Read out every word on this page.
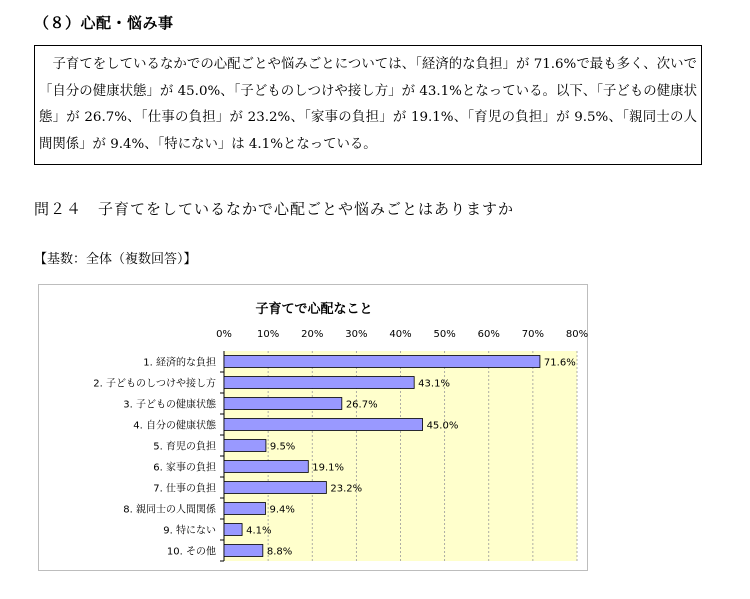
（８）心配・悩み事
　子育てをしているなかでの心配ごとや悩みごとについては、「経済的な負担」が 71.6%で最も多く、次いで「自分の健康状態」が 45.0%、「子どものしつけや接し方」が 43.1%となっている。以下、「子どもの健康状態」が 26.7%、「仕事の負担」が 23.2%、「家事の負担」が 19.1%、「育児の負担」が 9.5%、「親同士の人間関係」が 9.4%、「特にない」は 4.1%となっている。
問２４　子育てをしているなかで心配ごとや悩みごとはありますか
【基数：全体（複数回答）】
子育てで心配なこと
0%	10% 20% 30% 40% 50% 60% 70% 80%
1. 経済的な負担	71.6%
2. 子どものしつけや接し方	43.1%
3. 子どもの健康状態	26.7%
4. 自分の健康状態	45.0%
5. 育児の負担	9.5%
6. 家事の負担	19.1%
7. 仕事の負担	23.2%
8. 親同士の人間関係	9.4%
9. 特にない	4.1%
10. その他	8.8%
